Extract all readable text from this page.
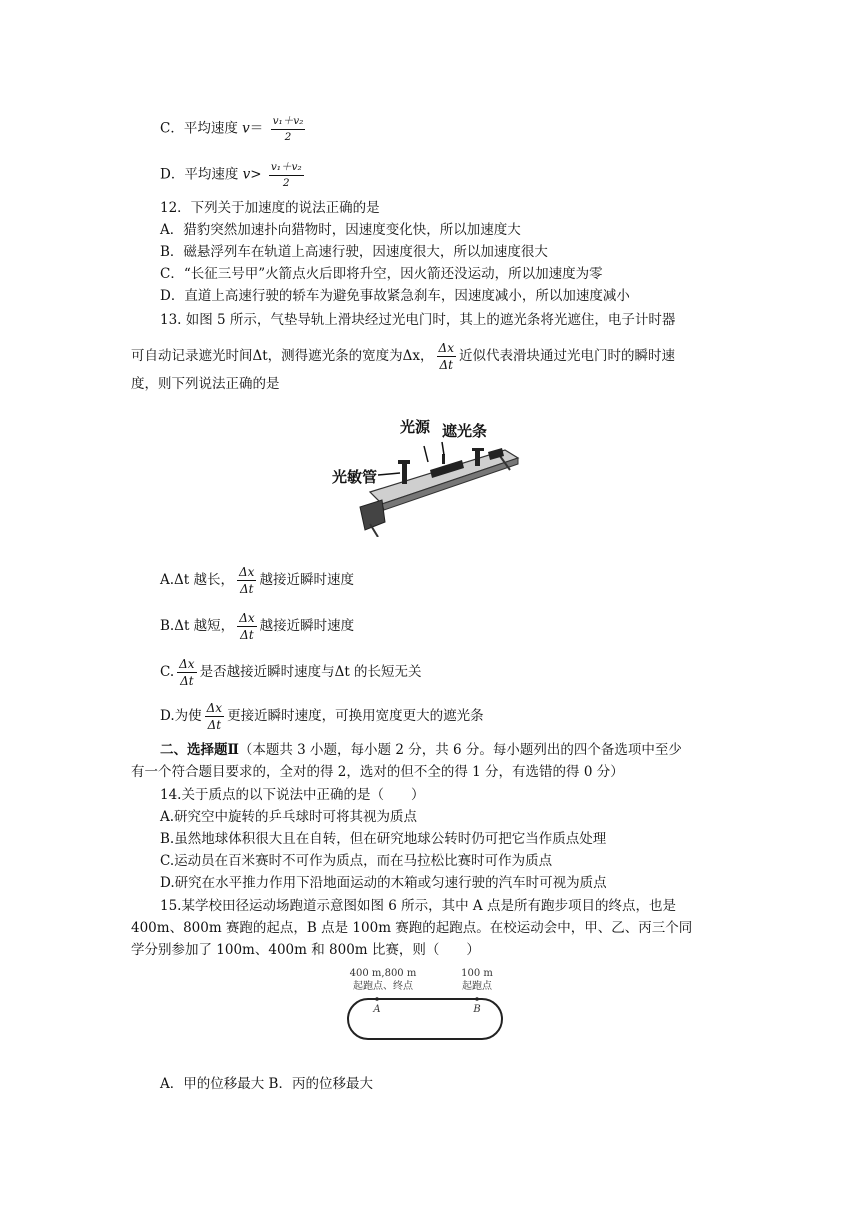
C．平均速度 $v= \frac{\text{v₁＋v₂}}{2}$
D．平均速度 $v> \frac{\text{v₁＋v₂}}{2}$
12．下列关于加速度的说法正确的是
A．猎豹突然加速扑向猎物时，因速度变化快，所以加速度大
B．磁悬浮列车在轨道上高速行驶，因速度很大，所以加速度很大
C．“长征三号甲”火箭点火后即将升空，因火箭还没运动，所以加速度为零
D．直道上高速行驶的轿车为避免事故紧急刹车，因速度减小，所以加速度减小
13. 如图 5 所示，气垫导轨上滑块经过光电门时，其上的遮光条将光遮住，电子计时器
可自动记录遮光时间Δt，测得遮光条的宽度为Δx， $\frac{\Delta x}{\Delta t}$ 近似代表滑块通过光电门时的瞬时速
度，则下列说法正确的是
光源 遮光条
光敏管
A.Δt 越长， $\frac{\Delta x}{\Delta t}$ 越接近瞬时速度
B.Δt 越短， $\frac{\Delta x}{\Delta t}$ 越接近瞬时速度
C. $\frac{\Delta x}{\Delta t}$ 是否越接近瞬时速度与Δt 的长短无关
D.为使 $\frac{\Delta x}{\Delta t}$ 更接近瞬时速度，可换用宽度更大的遮光条
二、选择题Ⅱ（本题共 3 小题，每小题 2 分，共 6 分。每小题列出的四个备选项中至少
有一个符合题目要求的，全对的得 2，选对的但不全的得 1 分，有选错的得 0 分）
14.关于质点的以下说法中正确的是（　　）
A.研究空中旋转的乒乓球时可将其视为质点
B.虽然地球体积很大且在自转，但在研究地球公转时仍可把它当作质点处理
C.运动员在百米赛时不可作为质点，而在马拉松比赛时可作为质点
D.研究在水平推力作用下沿地面运动的木箱或匀速行驶的汽车时可视为质点
15.某学校田径运动场跑道示意图如图 6 所示，其中 A 点是所有跑步项目的终点，也是
400m、800m 赛跑的起点，B 点是 100m 赛跑的起跑点。在校运动会中，甲、乙、丙三个同
学分别参加了 100m、400m 和 800m 比赛，则（　　）
400 m,800 m
起跑点、终点
100 m
起跑点
A	B
A．甲的位移最大 B．丙的位移最大
